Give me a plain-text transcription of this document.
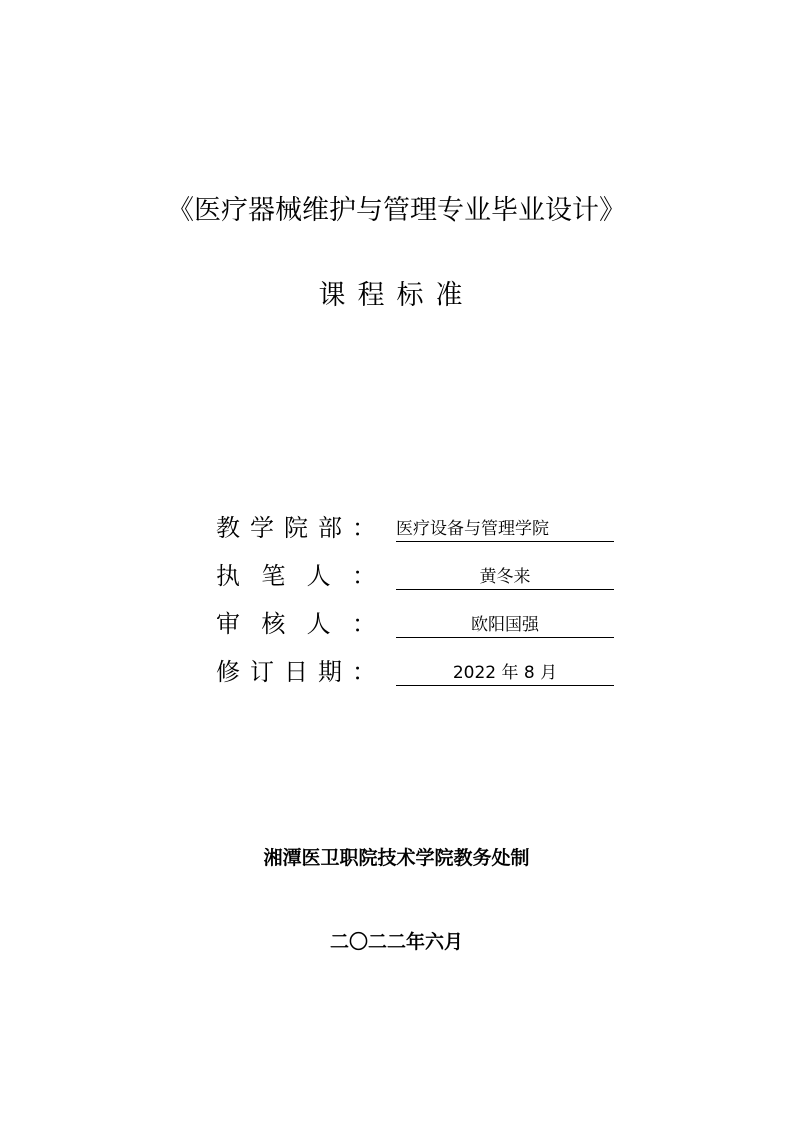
《医疗器械维护与管理专业毕业设计》
课程标准
教 学 院 部 ： 医疗设备与管理学院
执 笔 人 ：	黄冬来
审 核 人 ：	欧阳国强
修 订 日 期 ：	2022 年 8 月
湘潭医卫职院技术学院教务处制
二〇二二年六月
